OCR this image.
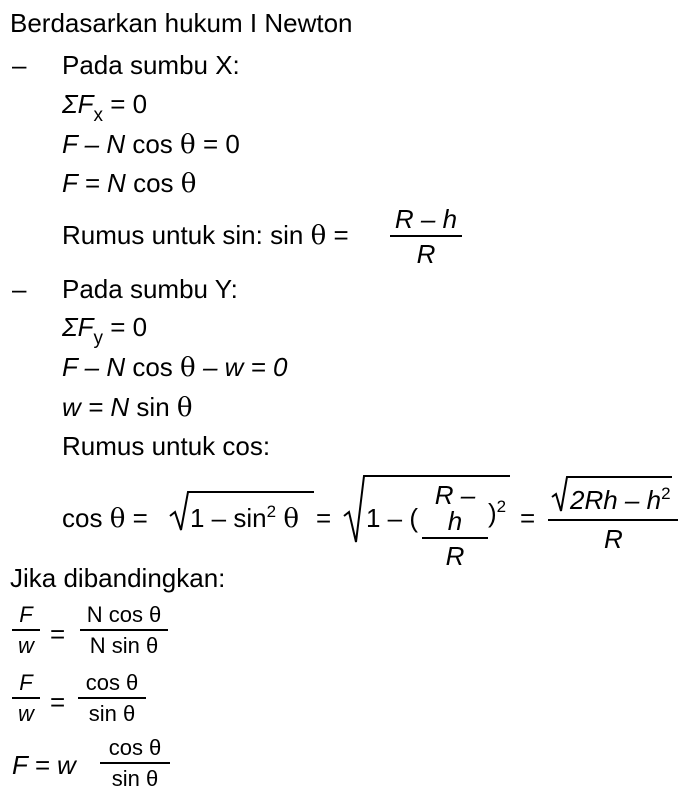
Berdasarkan hukum I Newton
– Pada sumbu X:
$\Sigma F_x = 0$
F – N cos θ = 0
F = N cos θ
Rumus untuk sin: sin θ =
R – h
R
– Pada sumbu Y:
$\Sigma F_y = 0$
F – N cos θ – w = 0
w = N sin θ
Rumus untuk cos:
$\cos \theta = 1 - \sin^2 \theta = 1$ – (
R – h
R
)$^2$ =
$2Rh - h^2$
R
Jika dibandingkan:
F
w =
N cos θ
N sin θ
F
w =
cos θ
sin θ
F = w
cos θ
sin θ
